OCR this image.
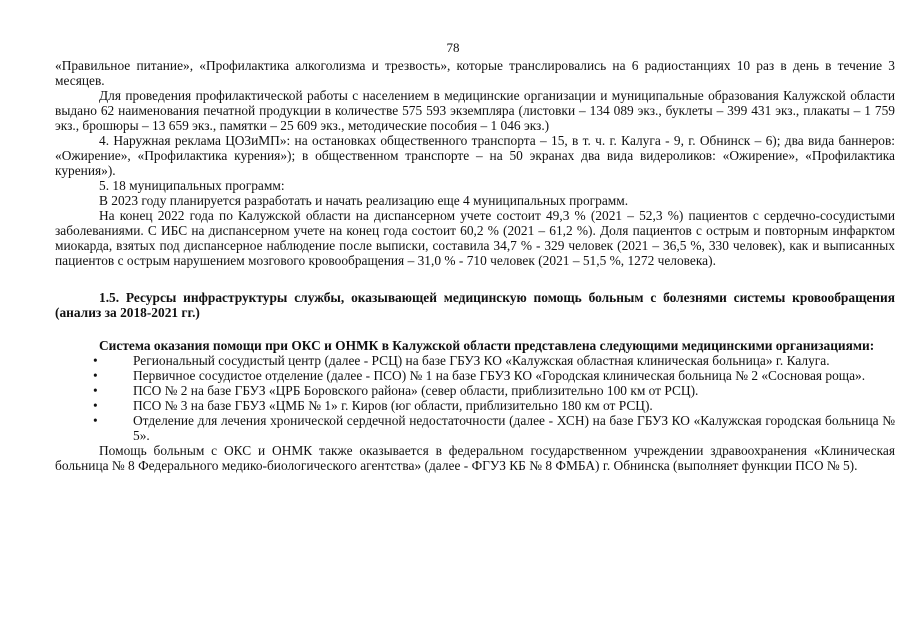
78

«Правильное питание», «Профилактика алкоголизма и трезвость», которые транслировались на 6 радиостанциях 10 раз в день в течение 3 месяцев.

Для проведения профилактической работы с населением в медицинские организации и муниципальные образования Калужской области выдано 62 наименования печатной продукции в количестве 575 593 экземпляра (листовки – 134 089 экз., буклеты – 399 431 экз., плакаты – 1 759 экз., брошюры – 13 659 экз., памятки – 25 609 экз., методические пособия – 1 046 экз.)

4. Наружная реклама ЦОЗиМП»: на остановках общественного транспорта – 15, в т. ч. г. Калуга - 9, г. Обнинск – 6); два вида баннеров: «Ожирение», «Профилактика курения»); в общественном транспорте – на 50 экранах два вида видероликов: «Ожирение», «Профилактика курения»).

5. 18 муниципальных программ:

В 2023 году планируется разработать и начать реализацию еще 4 муниципальных программ.

На конец 2022 года по Калужской области на диспансерном учете состоит 49,3 % (2021 – 52,3 %) пациентов с сердечно-сосудистыми заболеваниями. С ИБС на диспансерном учете на конец года состоит 60,2 % (2021 – 61,2 %). Доля пациентов с острым и повторным инфарктом миокарда, взятых под диспансерное наблюдение после выписки, составила 34,7 % - 329 человек (2021 – 36,5 %, 330 человек), как и выписанных пациентов с острым нарушением мозгового кровообращения – 31,0 % - 710 человек (2021 – 51,5 %, 1272 человека).

1.5. Ресурсы инфраструктуры службы, оказывающей медицинскую помощь больным с болезнями системы кровообращения (анализ за 2018-2021 гг.)

Система оказания помощи при ОКС и ОНМК в Калужской области представлена следующими медицинскими организациями:

•	Региональный сосудистый центр (далее - РСЦ) на базе ГБУЗ КО «Калужская областная клиническая больница» г. Калуга.

•	Первичное сосудистое отделение (далее - ПСО) № 1 на базе ГБУЗ КО «Городская клиническая больница № 2 «Сосновая роща».

•	ПСО № 2 на базе ГБУЗ «ЦРБ Боровского района» (север области, приблизительно 100 км от РСЦ).

•	ПСО № 3 на базе ГБУЗ «ЦМБ № 1» г. Киров (юг области, приблизительно 180 км от РСЦ).

•	Отделение для лечения хронической сердечной недостаточности (далее - ХСН) на базе ГБУЗ КО «Калужская городская больница № 5».

Помощь больным с ОКС и ОНМК также оказывается в федеральном государственном учреждении здравоохранения «Клиническая больница № 8 Федерального медико-биологического агентства» (далее - ФГУЗ КБ № 8 ФМБА) г. Обнинска (выполняет функции ПСО № 5).
